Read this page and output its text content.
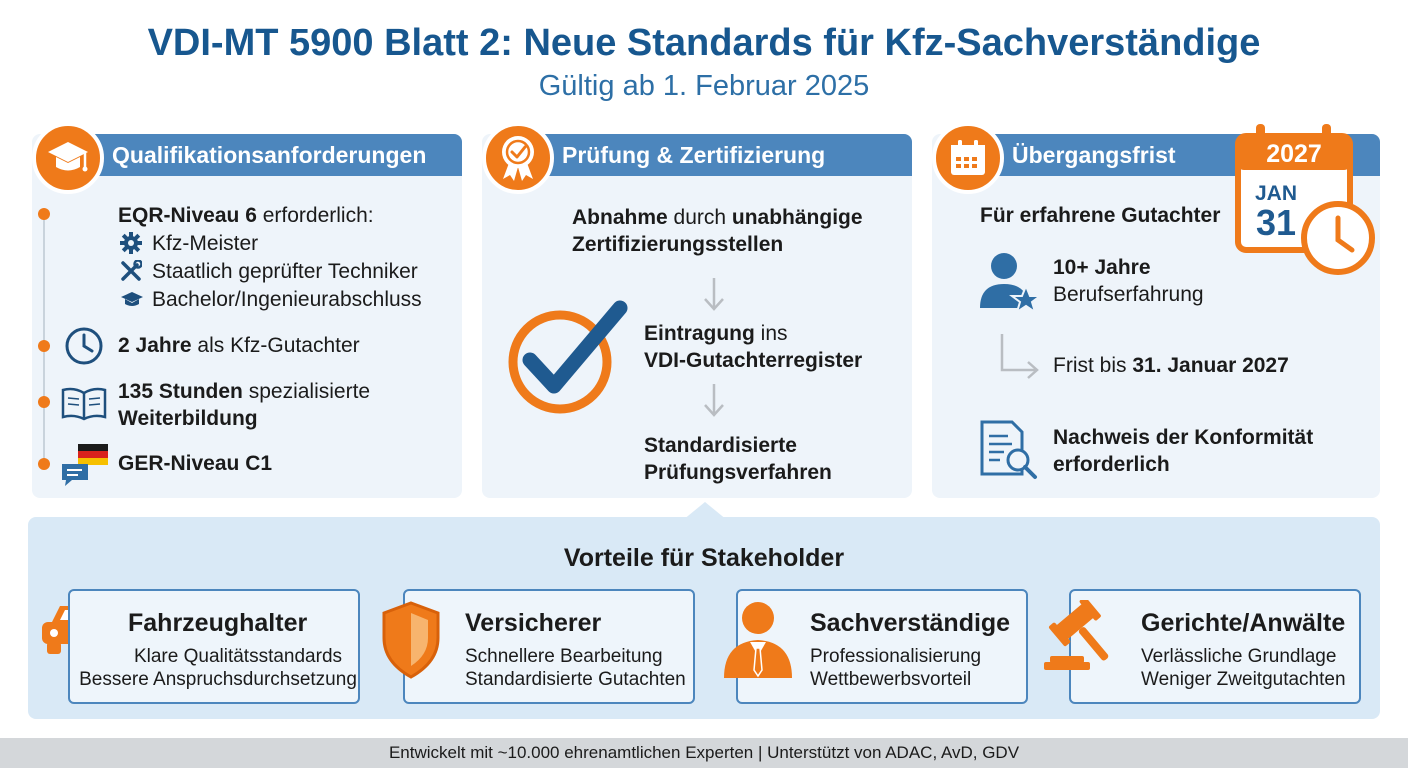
VDI-MT 5900 Blatt 2: Neue Standards für Kfz-Sachverständige
Gültig ab 1. Februar 2025
Qualifikationsanforderungen
EQR-Niveau 6 erforderlich:
Kfz-Meister
Staatlich geprüfter Techniker
Bachelor/Ingenieurabschluss
2 Jahre als Kfz-Gutachter
135 Stunden spezialisierte
Weiterbildung
GER-Niveau C1
Prüfung & Zertifizierung
Abnahme durch unabhängige
Zertifizierungsstellen
Eintragung ins
VDI-Gutachterregister
Standardisierte
Prüfungsverfahren
Übergangsfrist
Für erfahrene Gutachter
10+ Jahre
Berufserfahrung
Frist bis 31. Januar 2027
Nachweis der Konformität
erforderlich
2027
JAN
31
Vorteile für Stakeholder
Fahrzeughalter
Klare Qualitätsstandards
Bessere Anspruchsdurchsetzung
Versicherer
Schnellere Bearbeitung
Standardisierte Gutachten
Sachverständige
Professionalisierung
Wettbewerbsvorteil
Gerichte/Anwälte
Verlässliche Grundlage
Weniger Zweitgutachten
Entwickelt mit ~10.000 ehrenamtlichen Experten | Unterstützt von ADAC, AvD, GDV
